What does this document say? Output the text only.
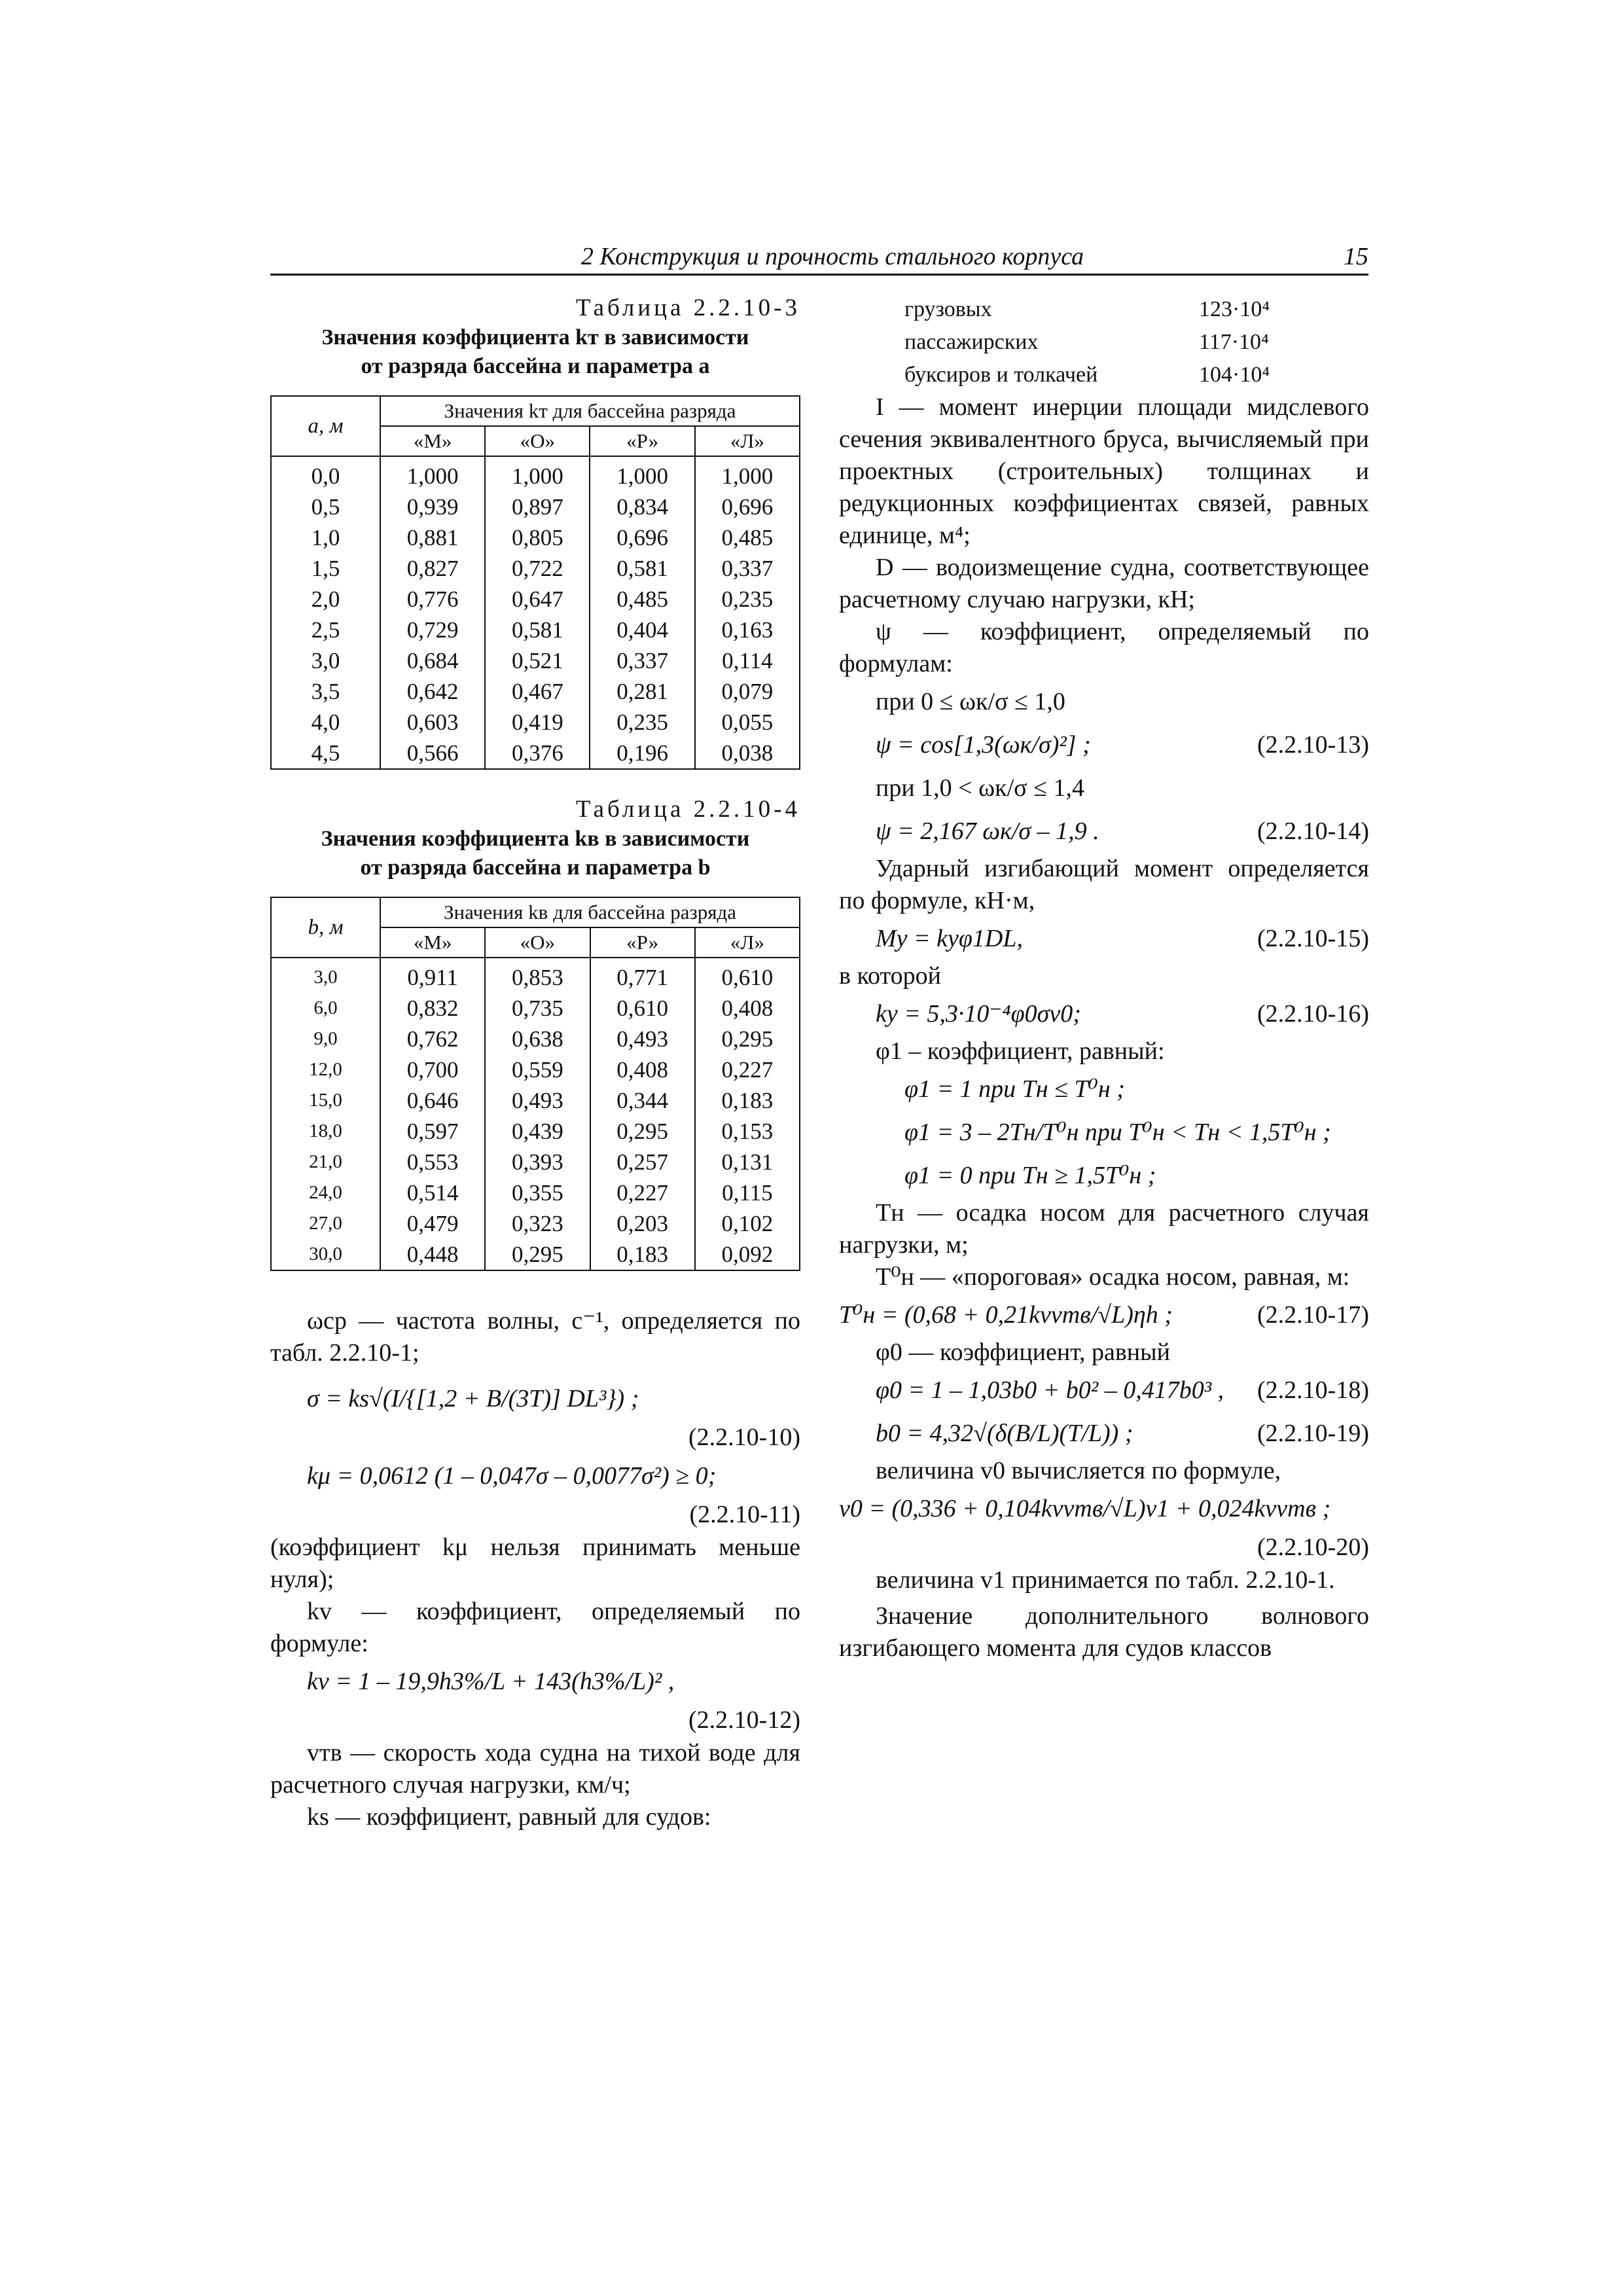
2 Конструкция и прочность стального корпуса	15
Таблица 2.2.10-3
Значения коэффициента kт в зависимости
от разряда бассейна и параметра a
a, м	Значения kт для бассейна разряда			
	«М»	«О»	«Р»	«Л»
0,0	1,000	1,000	1,000	1,000
0,5	0,939	0,897	0,834	0,696
1,0	0,881	0,805	0,696	0,485
1,5	0,827	0,722	0,581	0,337
2,0	0,776	0,647	0,485	0,235
2,5	0,729	0,581	0,404	0,163
3,0	0,684	0,521	0,337	0,114
3,5	0,642	0,467	0,281	0,079
4,0	0,603	0,419	0,235	0,055
4,5	0,566	0,376	0,196	0,038
Таблица 2.2.10-4
Значения коэффициента kв в зависимости
от разряда бассейна и параметра b
b, м	Значения kв для бассейна разряда			
	«М»	«О»	«Р»	«Л»
3,0	0,911	0,853	0,771	0,610
6,0	0,832	0,735	0,610	0,408
9,0	0,762	0,638	0,493	0,295
12,0	0,700	0,559	0,408	0,227
15,0	0,646	0,493	0,344	0,183
18,0	0,597	0,439	0,295	0,153
21,0	0,553	0,393	0,257	0,131
24,0	0,514	0,355	0,227	0,115
27,0	0,479	0,323	0,203	0,102
30,0	0,448	0,295	0,183	0,092

ωср — частота волны, с⁻¹, определяется по табл. 2.2.10-1;

σ = ks√(I/{[1,2 + B/(3T)] DL³}) ;
(2.2.10-10)
kμ = 0,0612 (1 – 0,047σ – 0,0077σ²) ≥ 0;
(2.2.10-11)

(коэффициент kμ нельзя принимать меньше нуля);

kv — коэффициент, определяемый по формуле:

kv = 1 – 19,9h3%/L + 143(h3%/L)² ,
(2.2.10-12)

vтв — скорость хода судна на тихой воде для расчетного случая нагрузки, км/ч;

ks — коэффициент, равный для судов:

грузовых	123·10⁴
пассажирских	117·10⁴
буксиров и толкачей	104·10⁴

I — момент инерции площади мидслевого сечения эквивалентного бруса, вычисляемый при проектных (строительных) толщинах и редукционных коэффициентах связей, равных единице, м⁴;

D — водоизмещение судна, соответствующее расчетному случаю нагрузки, кН;

ψ — коэффициент, определяемый по формулам:

при 0 ≤ ωк/σ ≤ 1,0
ψ = cos[1,3(ωк/σ)²] ;	(2.2.10-13)
при 1,0 < ωк/σ ≤ 1,4
ψ = 2,167 ωк/σ – 1,9 .	(2.2.10-14)

Ударный изгибающий момент определяется по формуле, кН·м,

Mу = kуφ1DL,	(2.2.10-15)

в которой

kу = 5,3·10⁻⁴φ0σv0;	(2.2.10-16)

φ1 – коэффициент, равный:

φ1 = 1 при Tн ≤ T⁰н ;
φ1 = 3 – 2Tн/T⁰н при T⁰н < Tн < 1,5T⁰н ;
φ1 = 0 при Tн ≥ 1,5T⁰н ;

Tн — осадка носом для расчетного случая нагрузки, м;

T⁰н — «пороговая» осадка носом, равная, м:

T⁰н = (0,68 + 0,21kvvтв/√L)ηh ;	(2.2.10-17)

φ0 — коэффициент, равный

φ0 = 1 – 1,03b0 + b0² – 0,417b0³ , (2.2.10-18)
b0 = 4,32√(δ(B/L)(T/L)) ;	(2.2.10-19)

величина v0 вычисляется по формуле,

v0 = (0,336 + 0,104kvvтв/√L)v1 + 0,024kvvтв ;
(2.2.10-20)

величина v1 принимается по табл. 2.2.10-1.

Значение дополнительного волнового изгибающего момента для судов классов
